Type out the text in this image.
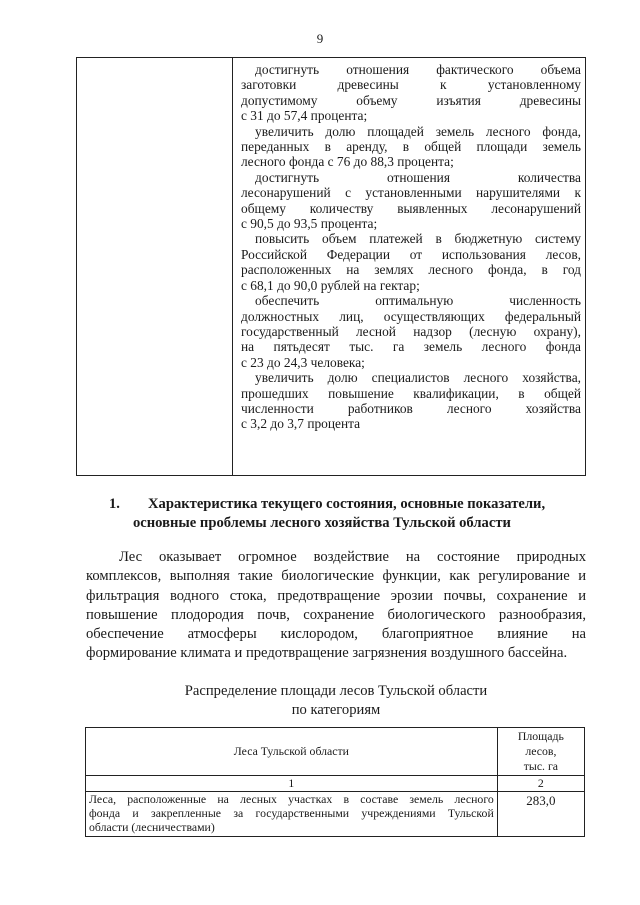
9

достигнуть отношения фактического объема

заготовки древесины к установленному

допустимому объему изъятия древесины

с 31 до 57,4 процента;

увеличить долю площадей земель лесного фонда,

переданных в аренду, в общей площади земель

лесного фонда с 76 до 88,3 процента;

достигнуть отношения количества

лесонарушений с установленными нарушителями к

общему количеству выявленных лесонарушений

с 90,5 до 93,5 процента;

повысить объем платежей в бюджетную систему

Российской Федерации от использования лесов,

расположенных на землях лесного фонда, в год

с 68,1 до 90,0 рублей на гектар;

обеспечить оптимальную численность

должностных лиц, осуществляющих федеральный

государственный лесной надзор (лесную охрану),

на пятьдесят тыс. га земель лесного фонда

с 23 до 24,3 человека;

увеличить долю специалистов лесного хозяйства,

прошедших повышение квалификации, в общей

численности работников лесного хозяйства

с 3,2 до 3,7 процента

1. Характеристика текущего состояния, основные показатели,
основные проблемы лесного хозяйства Тульской области

Лес оказывает огромное воздействие на состояние природных

комплексов, выполняя такие биологические функции, как регулирование и

фильтрация водного стока, предотвращение эрозии почвы, сохранение и

повышение плодородия почв, сохранение биологического разнообразия,

обеспечение атмосферы кислородом, благоприятное влияние на

формирование климата и предотвращение загрязнения воздушного бассейна.

Распределение площади лесов Тульской области
по категориям
Леса Тульской области	Площадь
лесов,
тыс. га

1	2

Леса, расположенные на лесных участках в составе земель лесного
фонда и закрепленные за государственными учреждениями Тульской
области (лесничествами)	283,0
